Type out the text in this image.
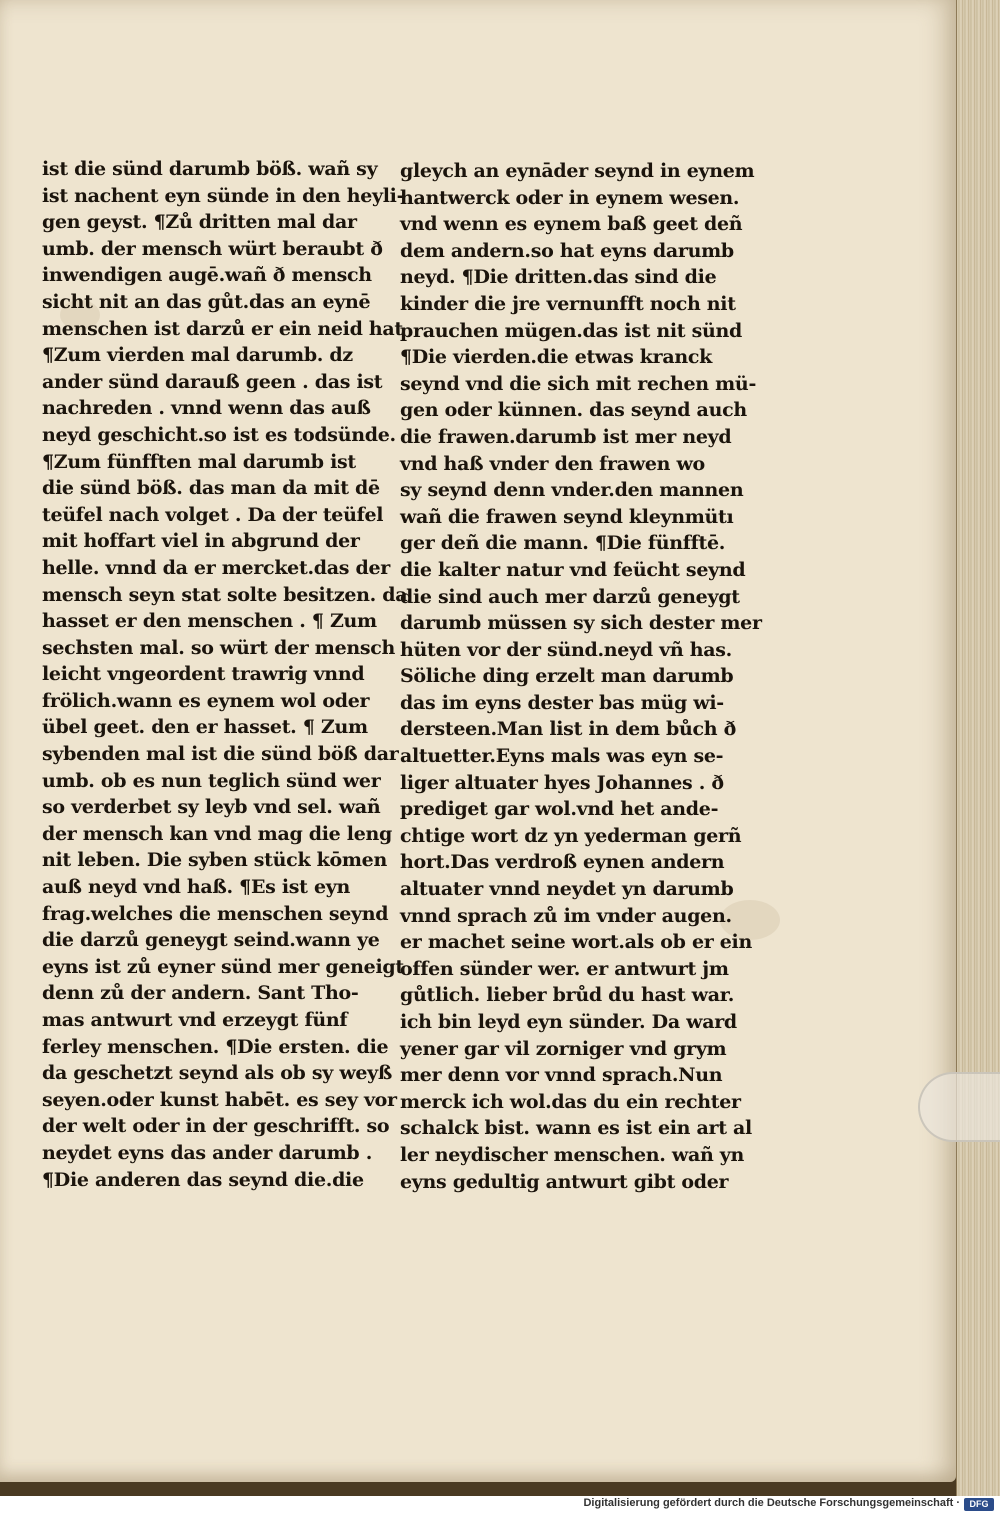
ist die sünd darumb böß. wañ sy
ist nachent eyn sünde in den heyli-
gen geyst. ¶Zů dritten mal dar
umb. der mensch würt beraubt ð
inwendigen augē.wañ ð mensch
sicht nit an das gůt.das an eynē
menschen ist darzů er ein neid hat
¶Zum vierden mal darumb. dz
ander sünd darauß geen . das ist
nachreden . vnnd wenn das auß
neyd geschicht.so ist es todsünde.
¶Zum fünfften mal darumb ist
die sünd böß. das man da mit dē
teüfel nach volget . Da der teüfel
mit hoffart viel in abgrund der
helle. vnnd da er mercket.das der
mensch seyn stat solte besitzen. da
hasset er den menschen . ¶ Zum
sechsten mal. so würt der mensch
leicht vngeordent trawrig vnnd
frölich.wann es eynem wol oder
übel geet. den er hasset. ¶ Zum
sybenden mal ist die sünd böß dar
umb. ob es nun teglich sünd wer
so verderbet sy leyb vnd sel. wañ
der mensch kan vnd mag die leng
nit leben. Die syben stück kōmen
auß neyd vnd haß. ¶Es ist eyn
frag.welches die menschen seynd
die darzů geneygt seind.wann ye
eyns ist zů eyner sünd mer geneigt
denn zů der andern. Sant Tho-
mas antwurt vnd erzeygt fünf
ferley menschen. ¶Die ersten. die
da geschetzt seynd als ob sy weyß
seyen.oder kunst habēt. es sey vor
der welt oder in der geschrifft. so
neydet eyns das ander darumb .
¶Die anderen das seynd die.die
gleych an eynāder seynd in eynem
hantwerck oder in eynem wesen.
vnd wenn es eynem baß geet deñ
dem andern.so hat eyns darumb
neyd. ¶Die dritten.das sind die
kinder die jre vernunfft noch nit
prauchen mügen.das ist nit sünd
¶Die vierden.die etwas kranck
seynd vnd die sich mit rechen mü-
gen oder künnen. das seynd auch
die frawen.darumb ist mer neyd
vnd haß vnder den frawen wo
sy seynd denn vnder.den mannen
wañ die frawen seynd kleynmütı
ger deñ die mann. ¶Die fünfftē.
die kalter natur vnd feücht seynd
die sind auch mer darzů geneygt
darumb müssen sy sich dester mer
hüten vor der sünd.neyd vñ has.
Söliche ding erzelt man darumb
das im eyns dester bas müg wi-
dersteen.Man list in dem bůch ð
altuetter.Eyns mals was eyn se-
liger altuater hyes Johannes . ð
prediget gar wol.vnd het ande-
chtige wort dz yn yederman gerñ
hort.Das verdroß eynen andern
altuater vnnd neydet yn darumb
vnnd sprach zů im vnder augen.
er machet seine wort.als ob er ein
offen sünder wer. er antwurt jm
gůtlich. lieber brůd du hast war.
ich bin leyd eyn sünder. Da ward
yener gar vil zorniger vnd grym
mer denn vor vnnd sprach.Nun
merck ich wol.das du ein rechter
schalck bist. wann es ist ein art al
ler neydischer menschen. wañ yn
eyns gedultig antwurt gibt oder
Digitalisierung gefördert durch die Deutsche Forschungsgemeinschaft ·	DFG
